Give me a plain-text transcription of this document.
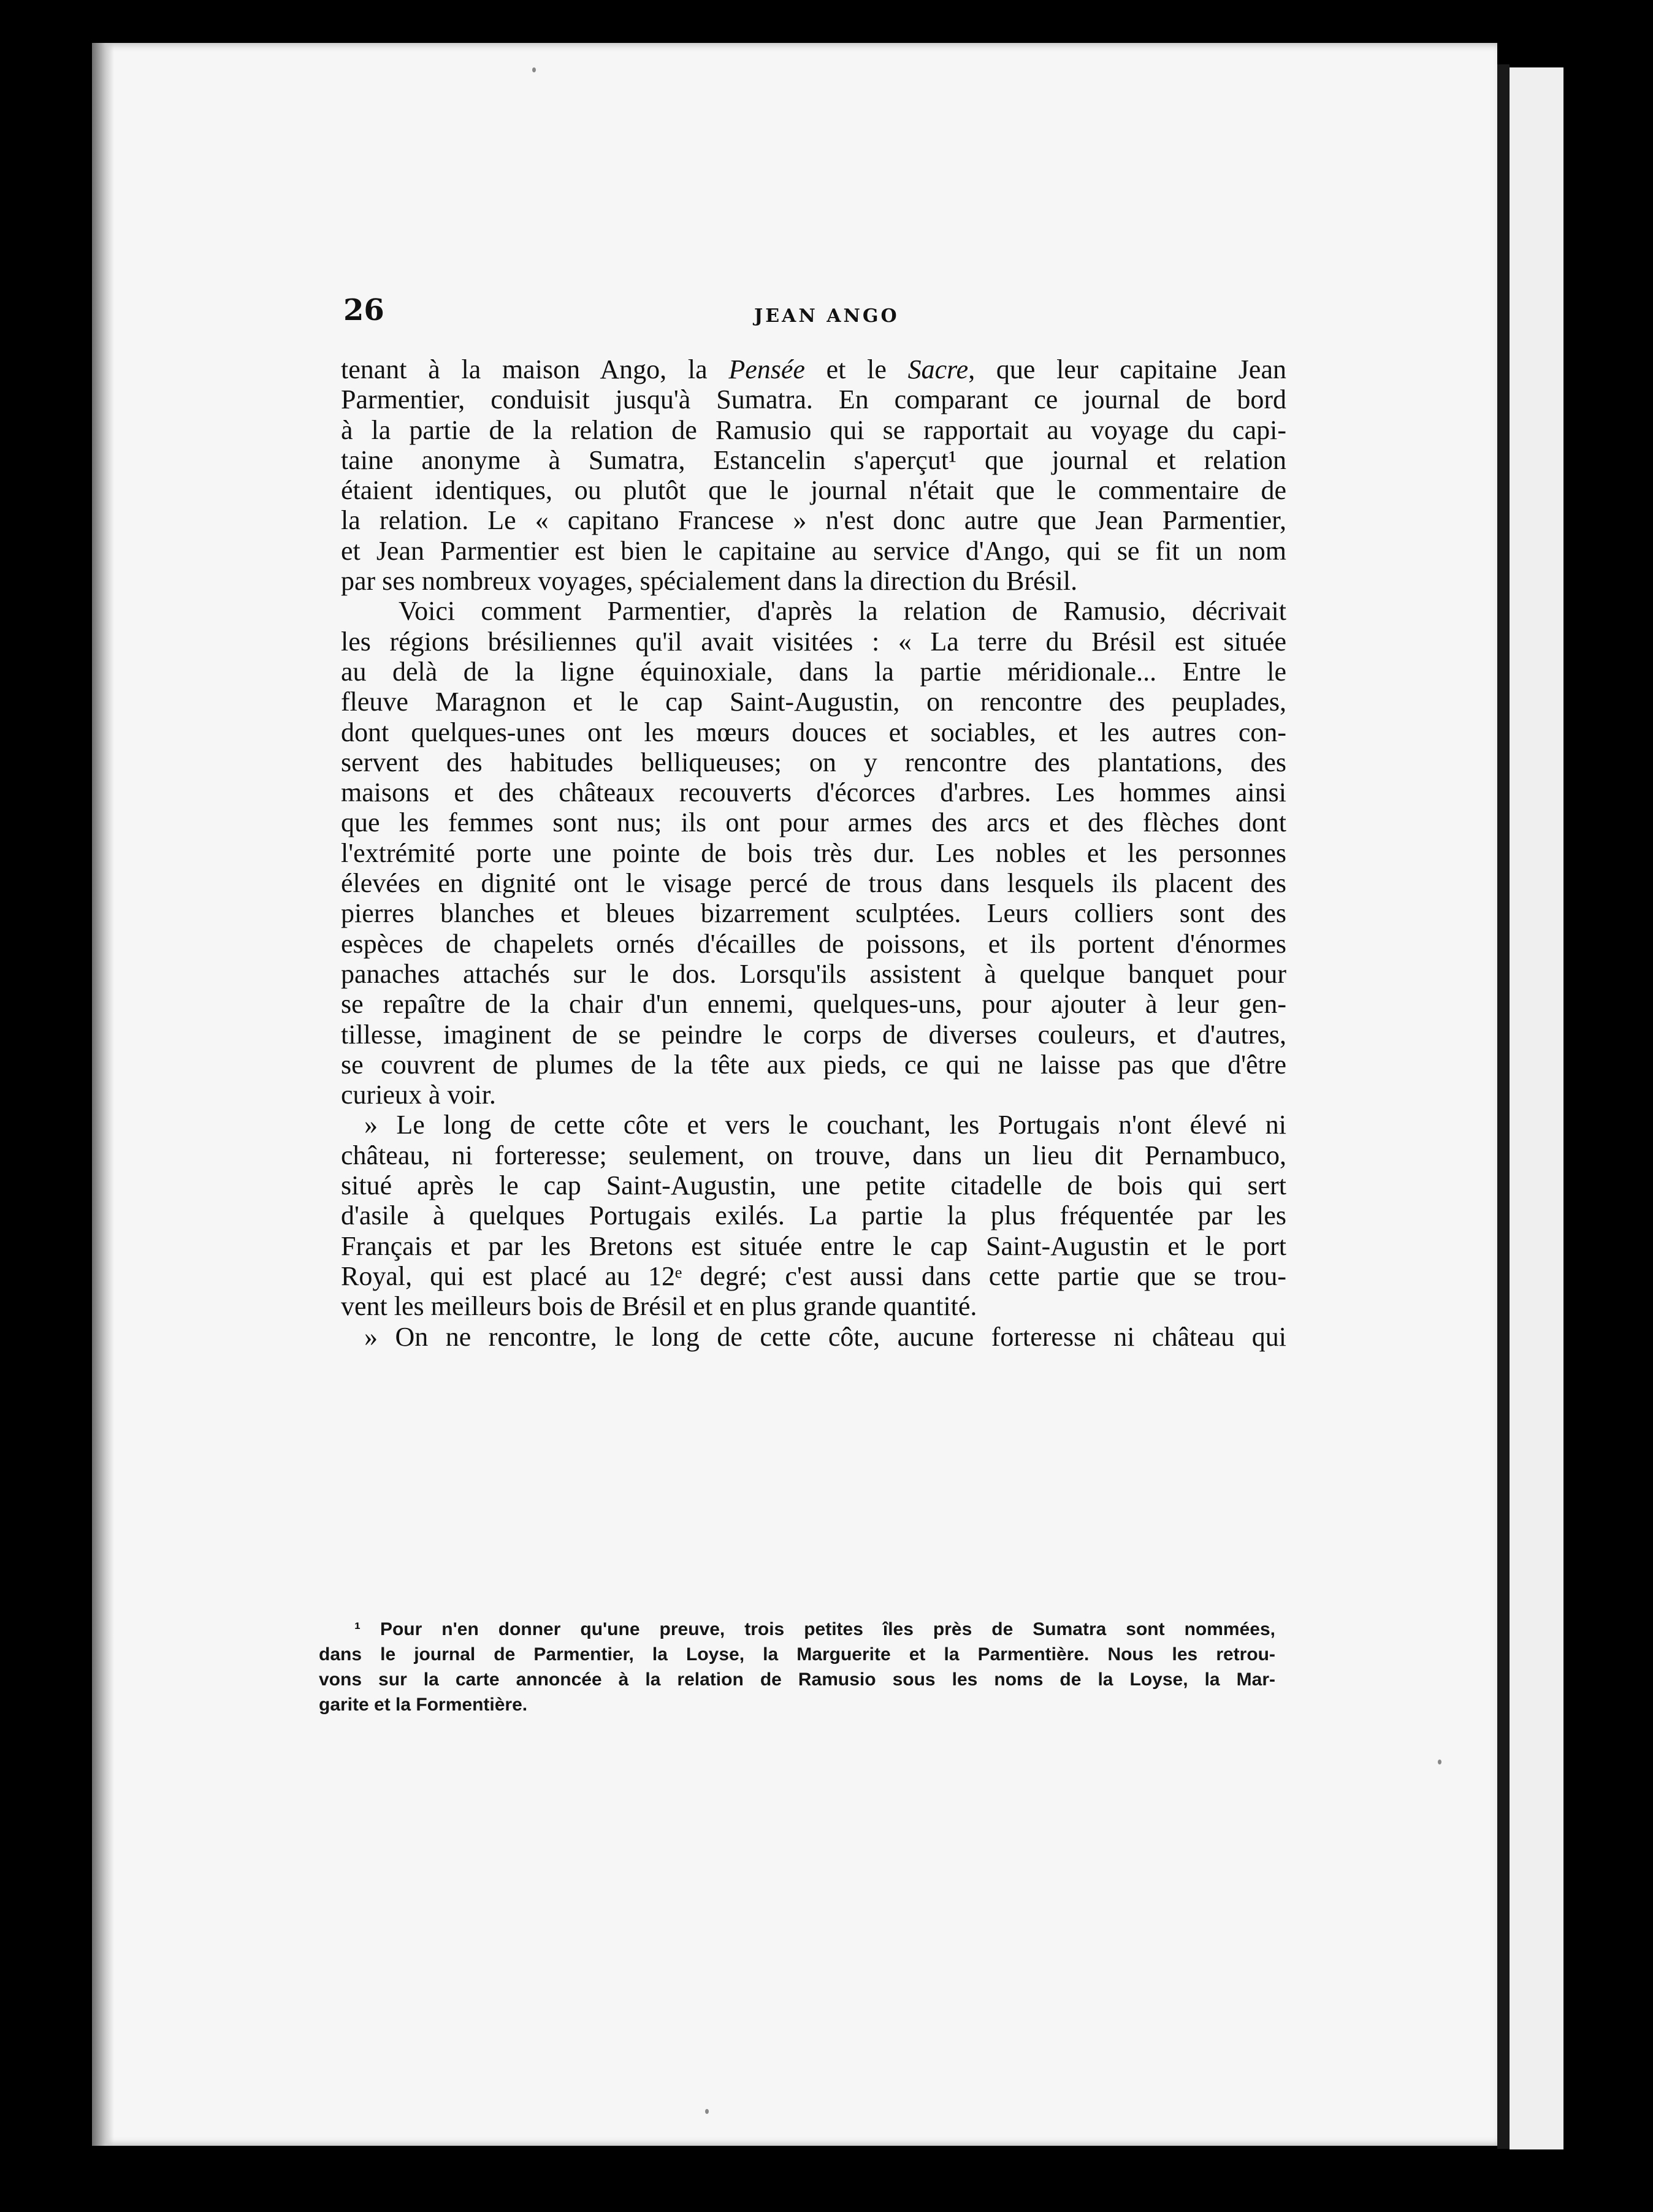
26	JEAN ANGO
tenant à la maison Ango, la Pensée et le Sacre, que leur capitaine Jean
Parmentier, conduisit jusqu'à Sumatra. En comparant ce journal de bord
à la partie de la relation de Ramusio qui se rapportait au voyage du capi-
taine anonyme à Sumatra, Estancelin s'aperçut¹ que journal et relation
étaient identiques, ou plutôt que le journal n'était que le commentaire de
la relation. Le « capitano Francese » n'est donc autre que Jean Parmentier,
et Jean Parmentier est bien le capitaine au service d'Ango, qui se fit un nom
par ses nombreux voyages, spécialement dans la direction du Brésil.
Voici comment Parmentier, d'après la relation de Ramusio, décrivait
les régions brésiliennes qu'il avait visitées : « La terre du Brésil est située
au delà de la ligne équinoxiale, dans la partie méridionale... Entre le
fleuve Maragnon et le cap Saint-Augustin, on rencontre des peuplades,
dont quelques-unes ont les mœurs douces et sociables, et les autres con-
servent des habitudes belliqueuses; on y rencontre des plantations, des
maisons et des châteaux recouverts d'écorces d'arbres. Les hommes ainsi
que les femmes sont nus; ils ont pour armes des arcs et des flèches dont
l'extrémité porte une pointe de bois très dur. Les nobles et les personnes
élevées en dignité ont le visage percé de trous dans lesquels ils placent des
pierres blanches et bleues bizarrement sculptées. Leurs colliers sont des
espèces de chapelets ornés d'écailles de poissons, et ils portent d'énormes
panaches attachés sur le dos. Lorsqu'ils assistent à quelque banquet pour
se repaître de la chair d'un ennemi, quelques-uns, pour ajouter à leur gen-
tillesse, imaginent de se peindre le corps de diverses couleurs, et d'autres,
se couvrent de plumes de la tête aux pieds, ce qui ne laisse pas que d'être
curieux à voir.
» Le long de cette côte et vers le couchant, les Portugais n'ont élevé ni
château, ni forteresse; seulement, on trouve, dans un lieu dit Pernambuco,
situé après le cap Saint-Augustin, une petite citadelle de bois qui sert
d'asile à quelques Portugais exilés. La partie la plus fréquentée par les
Français et par les Bretons est située entre le cap Saint-Augustin et le port
Royal, qui est placé au 12ᵉ degré; c'est aussi dans cette partie que se trou-
vent les meilleurs bois de Brésil et en plus grande quantité.
» On ne rencontre, le long de cette côte, aucune forteresse ni château qui
¹ Pour n'en donner qu'une preuve, trois petites îles près de Sumatra sont nommées,
dans le journal de Parmentier, la Loyse, la Marguerite et la Parmentière. Nous les retrou-
vons sur la carte annoncée à la relation de Ramusio sous les noms de la Loyse, la Mar-
garite et la Formentière.
